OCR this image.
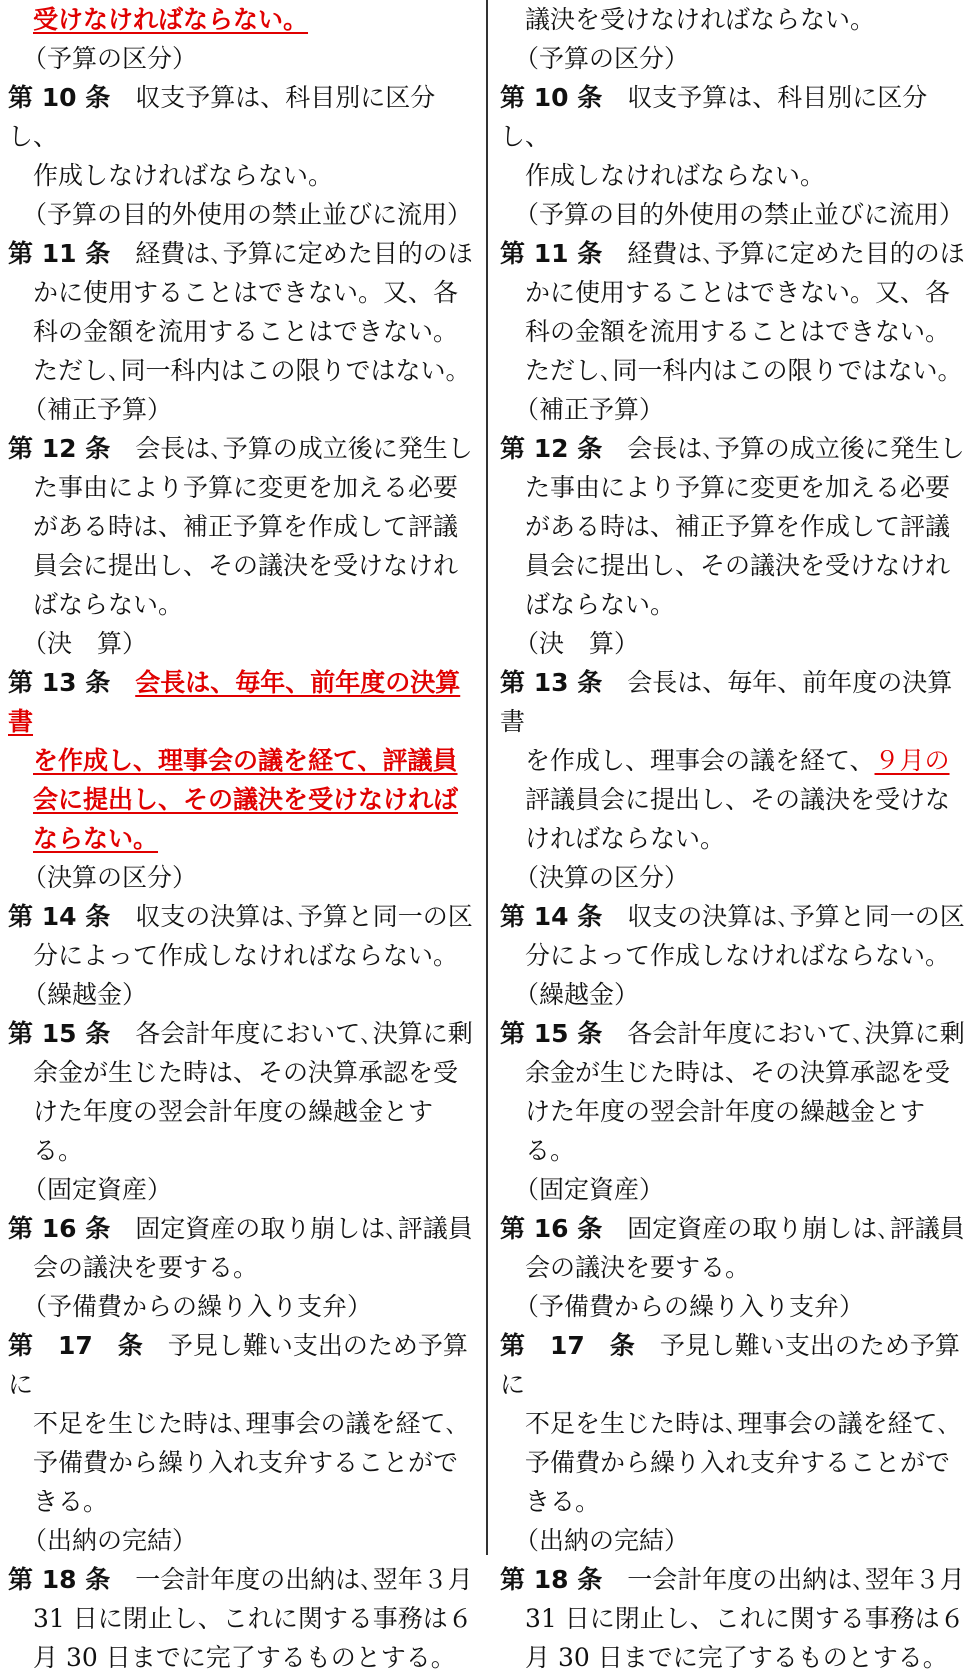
受けなければならない。
（予算の区分）
第 10 条　 収支予算は、科目別に区分し、
作成しなければならない。
（予算の目的外使用の禁止並びに流用）
第 11 条　 経費は､予算に定めた目的のほ
かに使用することはできない。又、各
科の金額を流用することはできない。
ただし､同一科内はこの限りではない。
（補正予算）
第 12 条　 会長は､予算の成立後に発生し
た事由により予算に変更を加える必要
がある時は、補正予算を作成して評議
員会に提出し、その議決を受けなけれ
ばならない。
（決　算）
第 13 条　 会長は、毎年、前年度の決算書
を作成し、理事会の議を経て、評議員
会に提出し、その議決を受けなければ
ならない。
（決算の区分）
第 14 条　 収支の決算は､予算と同一の区
分によって作成しなければならない。
（繰越金）
第 15 条　 各会計年度において､決算に剰
余金が生じた時は、その決算承認を受
けた年度の翌会計年度の繰越金とす
る。
（固定資産）
第 16 条　 固定資産の取り崩しは､評議員
会の議決を要する。
（予備費からの繰り入り支弁）
第　17　条　 予見し難い支出のため予算に
不足を生じた時は､理事会の議を経て､
予備費から繰り入れ支弁することがで
きる。
（出納の完結）
第 18 条　 一会計年度の出納は､翌年３月
31 日に閉止し、これに関する事務は６
月 30 日までに完了するものとする。
議決を受けなければならない。
（予算の区分）
第 10 条　 収支予算は、科目別に区分し、
作成しなければならない。
（予算の目的外使用の禁止並びに流用）
第 11 条　 経費は､予算に定めた目的のほ
かに使用することはできない。又、各
科の金額を流用することはできない。
ただし､同一科内はこの限りではない。
（補正予算）
第 12 条　 会長は､予算の成立後に発生し
た事由により予算に変更を加える必要
がある時は、補正予算を作成して評議
員会に提出し、その議決を受けなけれ
ばならない。
（決　算）
第 13 条　 会長は、毎年、前年度の決算書
を作成し、理事会の議を経て、９月の
評議員会に提出し、その議決を受けな
ければならない。
（決算の区分）
第 14 条　 収支の決算は､予算と同一の区
分によって作成しなければならない。
（繰越金）
第 15 条　 各会計年度において､決算に剰
余金が生じた時は、その決算承認を受
けた年度の翌会計年度の繰越金とす
る。
（固定資産）
第 16 条　 固定資産の取り崩しは､評議員
会の議決を要する。
（予備費からの繰り入り支弁）
第　17　条　 予見し難い支出のため予算に
不足を生じた時は､理事会の議を経て､
予備費から繰り入れ支弁することがで
きる。
（出納の完結）
第 18 条　 一会計年度の出納は､翌年３月
31 日に閉止し、これに関する事務は６
月 30 日までに完了するものとする。
